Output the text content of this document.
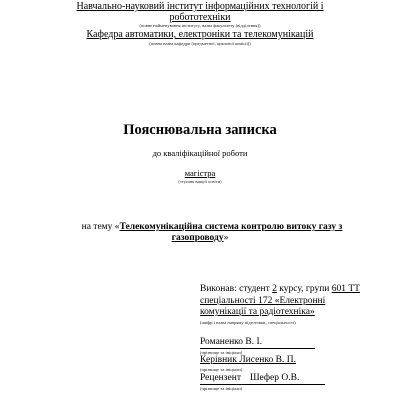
Навчально-науковий інститут інформаційних технологій і
робототехніки
(повне найменування інституту, назва факультету (відділення))
Кафедра автоматики, електроніки та телекомунікацій
(повна назва кафедри (предметної, циклової комісії))
Пояснювальна записка
до кваліфікаційної роботи
магістра
(ступінь вищої освіти)
на тему «Телекомунікаційна система контролю витоку газу з
газопроводу»
Виконав: студент 2 курсу, групи 601 ТТ
спеціальності 172 «Електронні
комунікації та радіотехніка»
(шифр і назва напряму підготовки, спеціальності)
Романенко В. І.
(прізвище та ініціали)
Керівник Лисенко В. П.
(прізвище та ініціали)
Рецензент Шефер О.В.
(прізвище та ініціали)
